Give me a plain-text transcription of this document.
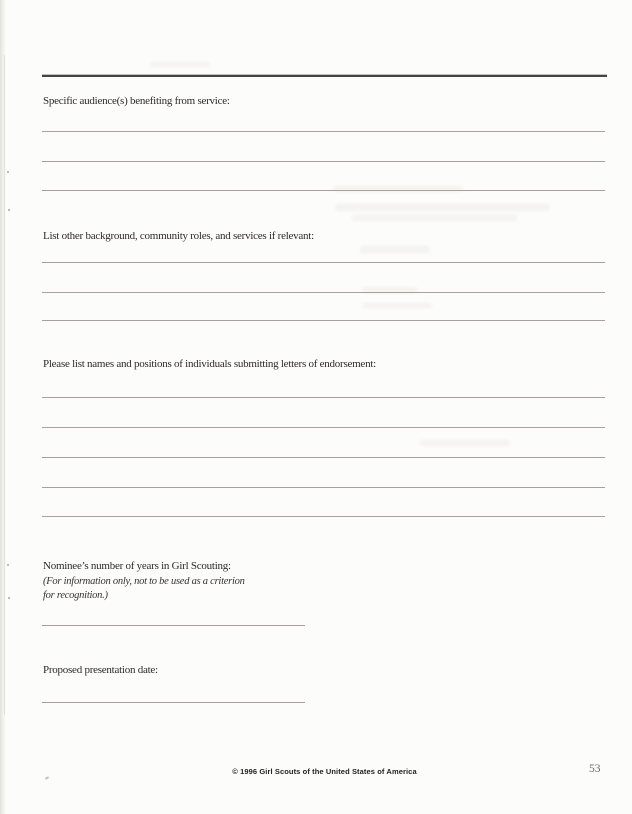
Specific audience(s) benefiting from service:
List other background, community roles, and services if relevant:
Please list names and positions of individuals submitting letters of endorsement:
Nominee’s number of years in Girl Scouting:
(For information only, not to be used as a criterion
for recognition.)
Proposed presentation date:
© 1996 Girl Scouts of the United States of America	53
